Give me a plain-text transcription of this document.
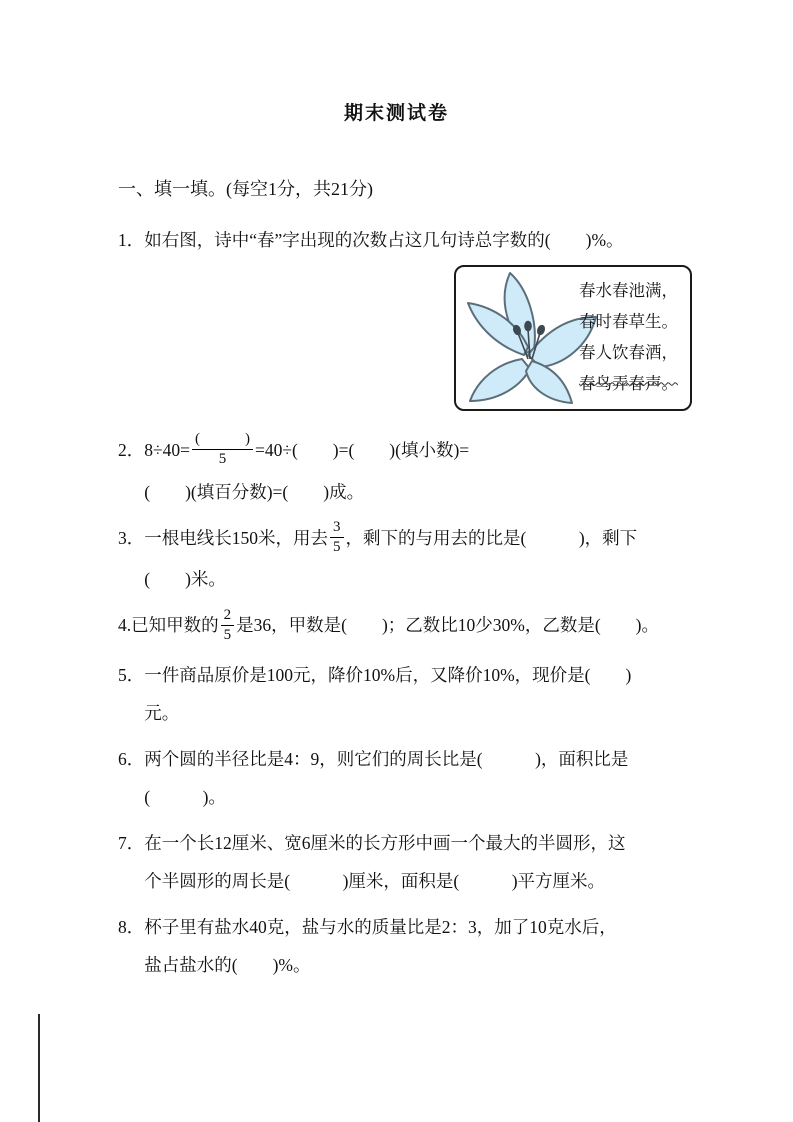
期末测试卷
一、填一填。(每空1分，共21分)
1． 如右图，诗中“春”字出现的次数占这几句诗总字数的(　　)%。
春水春池满，
春时春草生。
春人饮春酒，
春鸟弄春声。
2． $8\div 40= \frac{( )}{5} =40\div$(　　)=(　　)(填小数)=
(　　)(填百分数)=(　　)成。
3． 一根电线长150米，用去 $\frac{3}{5}$ ，剩下的与用去的比是(　　　)，剩下
(　　)米。
4. 已知甲数的 $\frac{2}{5}$ 是36，甲数是(　　)；乙数比10少30%，乙数是(　　)。
5． 一件商品原价是100元，降价10%后，又降价10%，现价是(　　)
元。
6． 两个圆的半径比是4：9，则它们的周长比是(　　　)，面积比是
(　　　)。
7． 在一个长12厘米、宽6厘米的长方形中画一个最大的半圆形，这
个半圆形的周长是(　　　)厘米，面积是(　　　)平方厘米。
8． 杯子里有盐水40克，盐与水的质量比是2：3，加了10克水后，
盐占盐水的(　　)%。
